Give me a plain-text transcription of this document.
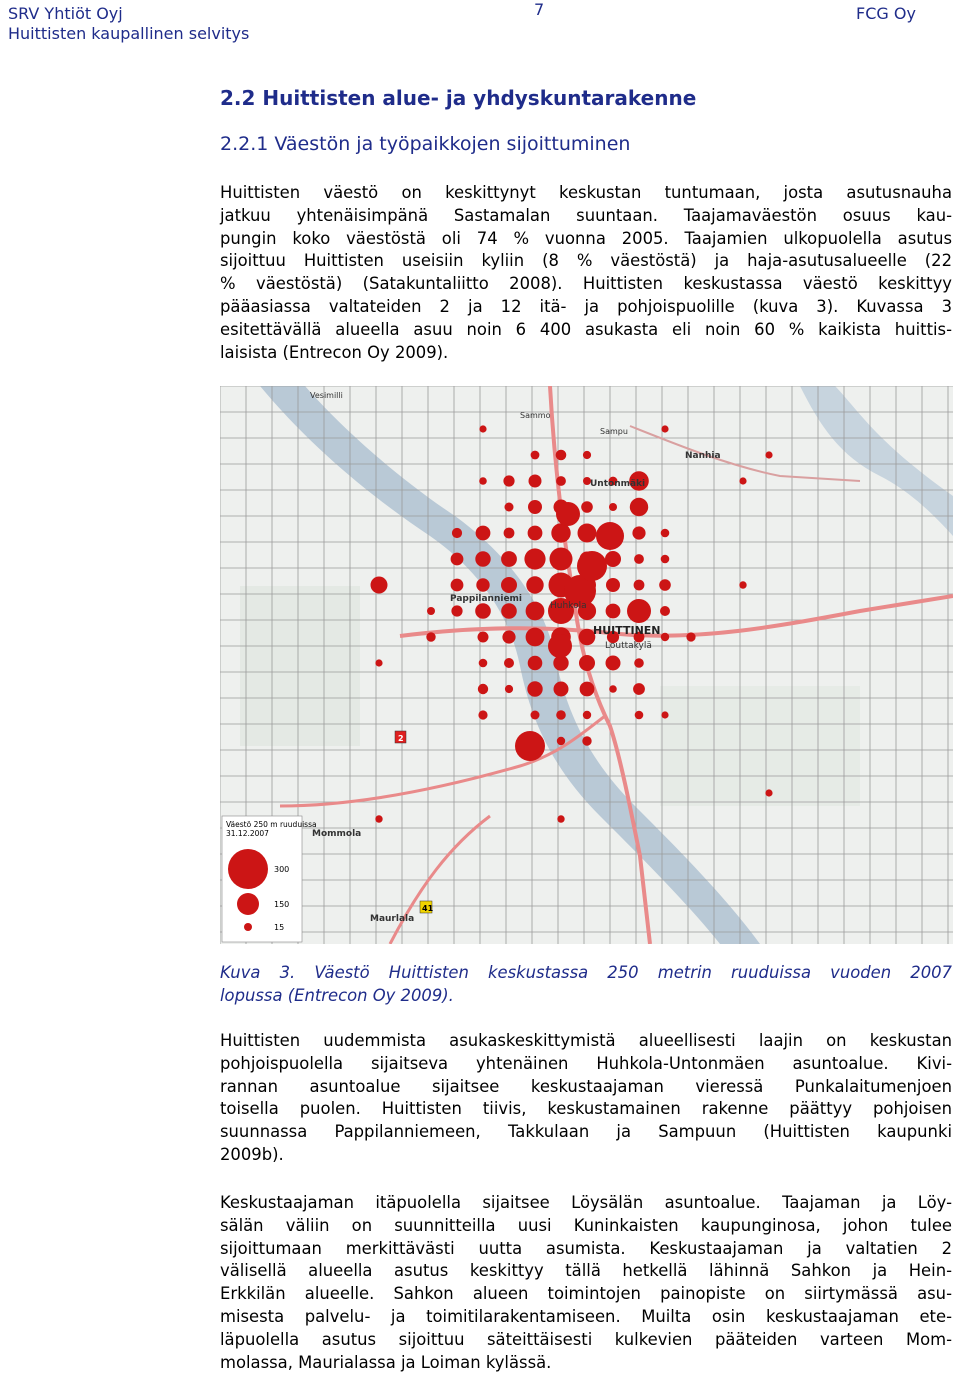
SRV Yhtiöt Oyj
Huittisten kaupallinen selvitys
7	FCG Oy
2.2 Huittisten alue- ja yhdyskuntarakenne
2.2.1 Väestön ja työpaikkojen sijoittuminen
Huittisten väestö on keskittynyt keskustan tuntumaan, josta asutusnauha
jatkuu yhtenäisimpänä Sastamalan suuntaan. Taajamaväestön osuus kau-
pungin koko väestöstä oli 74 % vuonna 2005. Taajamien ulkopuolella asutus
sijoittuu Huittisten useisiin kyliin (8 % väestöstä) ja haja-asutusalueelle (22
% väestöstä) (Satakuntaliitto 2008). Huittisten keskustassa väestö keskittyy
pääasiassa valtateiden 2 ja 12 itä- ja pohjoispuolille (kuva 3). Kuvassa 3
esitettävällä alueella asuu noin 6 400 asukasta eli noin 60 % kaikista huittis-
laisista (Entrecon Oy 2009).
Sampu
Nanhia
Untonmäki
Pappilanniemi
Huhkola
HUITTINEN
Louttakylä
Mommola
Maurlala
Vesimilli
Sammo
41
2
Väestö 250 m ruuduissa
31.12.2007
300
150
15
Kuva 3. Väestö Huittisten keskustassa 250 metrin ruuduissa vuoden 2007
lopussa (Entrecon Oy 2009).
Huittisten uudemmista asukaskeskittymistä alueellisesti laajin on keskustan
pohjoispuolella sijaitseva yhtenäinen Huhkola-Untonmäen asuntoalue. Kivi-
rannan asuntoalue sijaitsee keskustaajaman vieressä Punkalaitumenjoen
toisella puolen. Huittisten tiivis, keskustamainen rakenne päättyy pohjoisen
suunnassa Pappilanniemeen, Takkulaan ja Sampuun (Huittisten kaupunki
2009b).
Keskustaajaman itäpuolella sijaitsee Löysälän asuntoalue. Taajaman ja Löy-
sälän väliin on suunnitteilla uusi Kuninkaisten kaupunginosa, johon tulee
sijoittumaan merkittävästi uutta asumista. Keskustaajaman ja valtatien 2
välisellä alueella asutus keskittyy tällä hetkellä lähinnä Sahkon ja Hein-
Erkkilän alueelle. Sahkon alueen toimintojen painopiste on siirtymässä asu-
misesta palvelu- ja toimitilarakentamiseen. Muilta osin keskustaajaman ete-
läpuolella asutus sijoittuu säteittäisesti kulkevien pääteiden varteen Mom-
molassa, Maurialassa ja Loiman kylässä.
